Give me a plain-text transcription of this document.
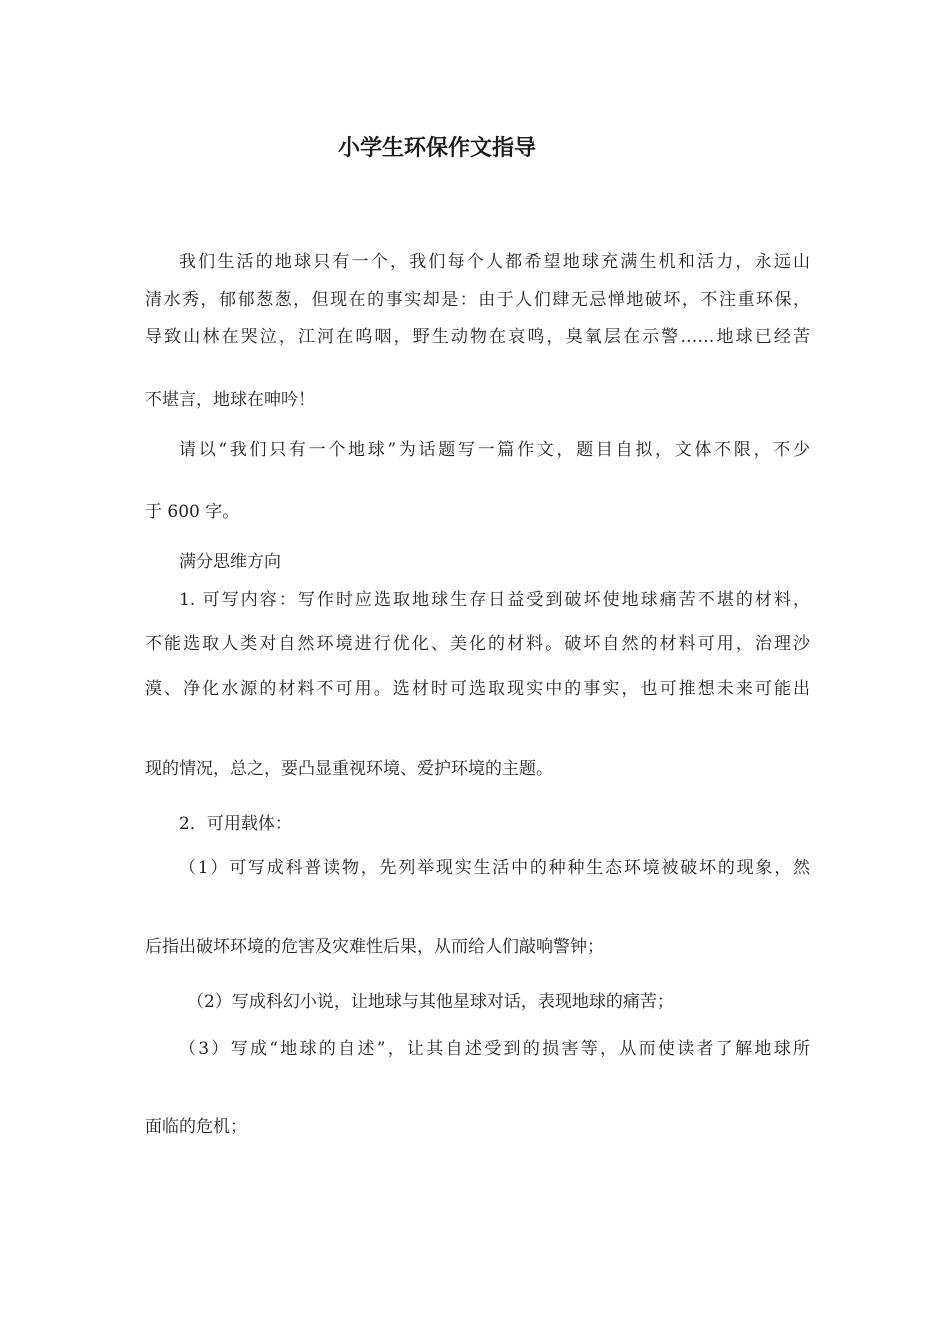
小学生环保作文指导
我们生活的地球只有一个，我们每个人都希望地球充满生机和活力，永远山
清水秀，郁郁葱葱，但现在的事实却是：由于人们肆无忌惮地破坏，不注重环保，
导致山林在哭泣，江河在呜咽，野生动物在哀鸣，臭氧层在示警……地球已经苦
不堪言，地球在呻吟！
请以“我们只有一个地球”为话题写一篇作文，题目自拟，文体不限，不少
于 600 字。
满分思维方向
1. 可写内容：写作时应选取地球生存日益受到破坏使地球痛苦不堪的材料，
不能选取人类对自然环境进行优化、美化的材料。破坏自然的材料可用，治理沙
漠、净化水源的材料不可用。选材时可选取现实中的事实，也可推想未来可能出
现的情况，总之，要凸显重视环境、爱护环境的主题。
2．可用载体：
（1）可写成科普读物，先列举现实生活中的种种生态环境被破坏的现象，然
后指出破坏环境的危害及灾难性后果，从而给人们敲响警钟；
（2）写成科幻小说，让地球与其他星球对话，表现地球的痛苦；
（3）写成“地球的自述”，让其自述受到的损害等，从而使读者了解地球所
面临的危机；
